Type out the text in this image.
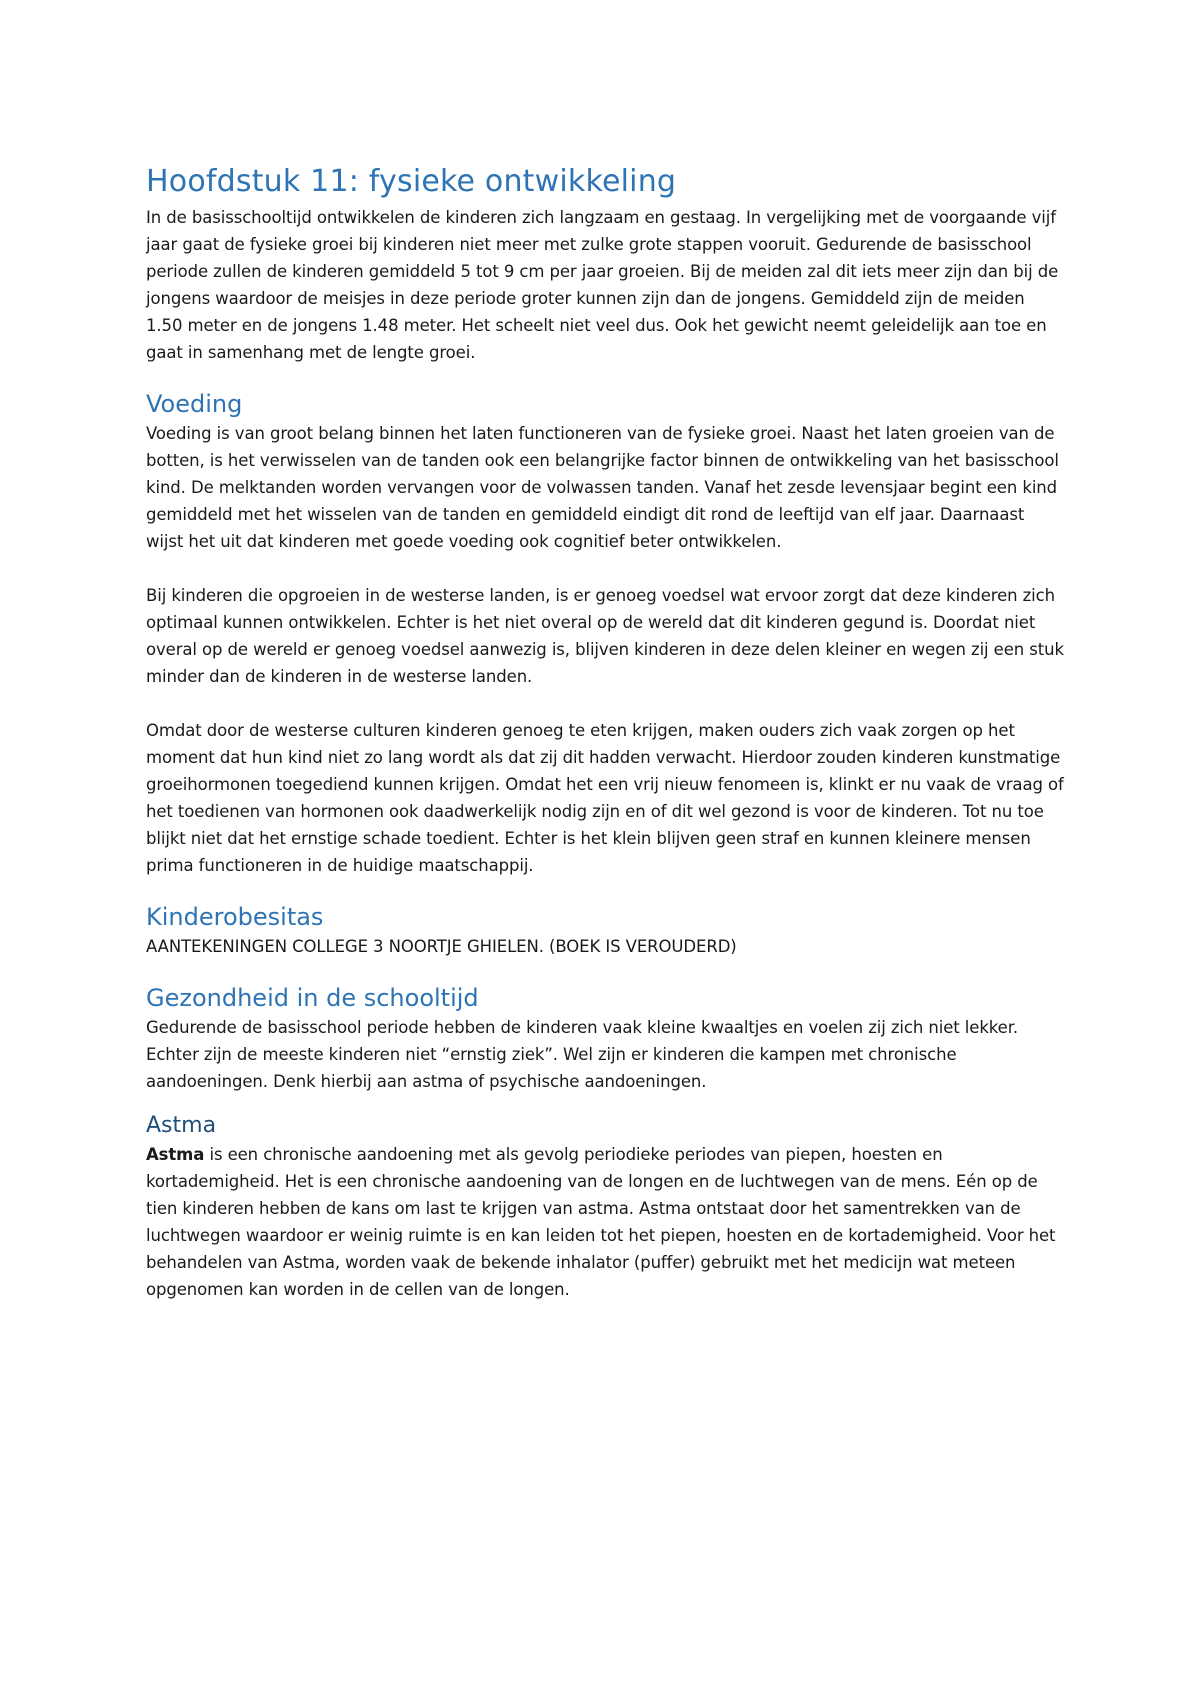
Hoofdstuk 11: fysieke ontwikkeling

In de basisschooltijd ontwikkelen de kinderen zich langzaam en gestaag. In vergelijking met de voorgaande vijf jaar gaat de fysieke groei bij kinderen niet meer met zulke grote stappen vooruit. Gedurende de basisschool periode zullen de kinderen gemiddeld 5 tot 9 cm per jaar groeien. Bij de meiden zal dit iets meer zijn dan bij de jongens waardoor de meisjes in deze periode groter kunnen zijn dan de jongens. Gemiddeld zijn de meiden 1.50 meter en de jongens 1.48 meter. Het scheelt niet veel dus. Ook het gewicht neemt geleidelijk aan toe en gaat in samenhang met de lengte groei.

Voeding

Voeding is van groot belang binnen het laten functioneren van de fysieke groei. Naast het laten groeien van de botten, is het verwisselen van de tanden ook een belangrijke factor binnen de ontwikkeling van het basisschool kind. De melktanden worden vervangen voor de volwassen tanden. Vanaf het zesde levensjaar begint een kind gemiddeld met het wisselen van de tanden en gemiddeld eindigt dit rond de leeftijd van elf jaar. Daarnaast wijst het uit dat kinderen met goede voeding ook cognitief beter ontwikkelen.

Bij kinderen die opgroeien in de westerse landen, is er genoeg voedsel wat ervoor zorgt dat deze kinderen zich optimaal kunnen ontwikkelen. Echter is het niet overal op de wereld dat dit kinderen gegund is. Doordat niet overal op de wereld er genoeg voedsel aanwezig is, blijven kinderen in deze delen kleiner en wegen zij een stuk minder dan de kinderen in de westerse landen.

Omdat door de westerse culturen kinderen genoeg te eten krijgen, maken ouders zich vaak zorgen op het moment dat hun kind niet zo lang wordt als dat zij dit hadden verwacht. Hierdoor zouden kinderen kunstmatige groeihormonen toegediend kunnen krijgen. Omdat het een vrij nieuw fenomeen is, klinkt er nu vaak de vraag of het toedienen van hormonen ook daadwerkelijk nodig zijn en of dit wel gezond is voor de kinderen. Tot nu toe blijkt niet dat het ernstige schade toedient. Echter is het klein blijven geen straf en kunnen kleinere mensen prima functioneren in de huidige maatschappij.

Kinderobesitas

AANTEKENINGEN COLLEGE 3 NOORTJE GHIELEN. (BOEK IS VEROUDERD)

Gezondheid in de schooltijd

Gedurende de basisschool periode hebben de kinderen vaak kleine kwaaltjes en voelen zij zich niet lekker. Echter zijn de meeste kinderen niet “ernstig ziek”. Wel zijn er kinderen die kampen met chronische aandoeningen. Denk hierbij aan astma of psychische aandoeningen.

Astma

Astma is een chronische aandoening met als gevolg periodieke periodes van piepen, hoesten en kortademigheid. Het is een chronische aandoening van de longen en de luchtwegen van de mens. Eén op de tien kinderen hebben de kans om last te krijgen van astma. Astma ontstaat door het samentrekken van de luchtwegen waardoor er weinig ruimte is en kan leiden tot het piepen, hoesten en de kortademigheid. Voor het behandelen van Astma, worden vaak de bekende inhalator (puffer) gebruikt met het medicijn wat meteen opgenomen kan worden in de cellen van de longen.
